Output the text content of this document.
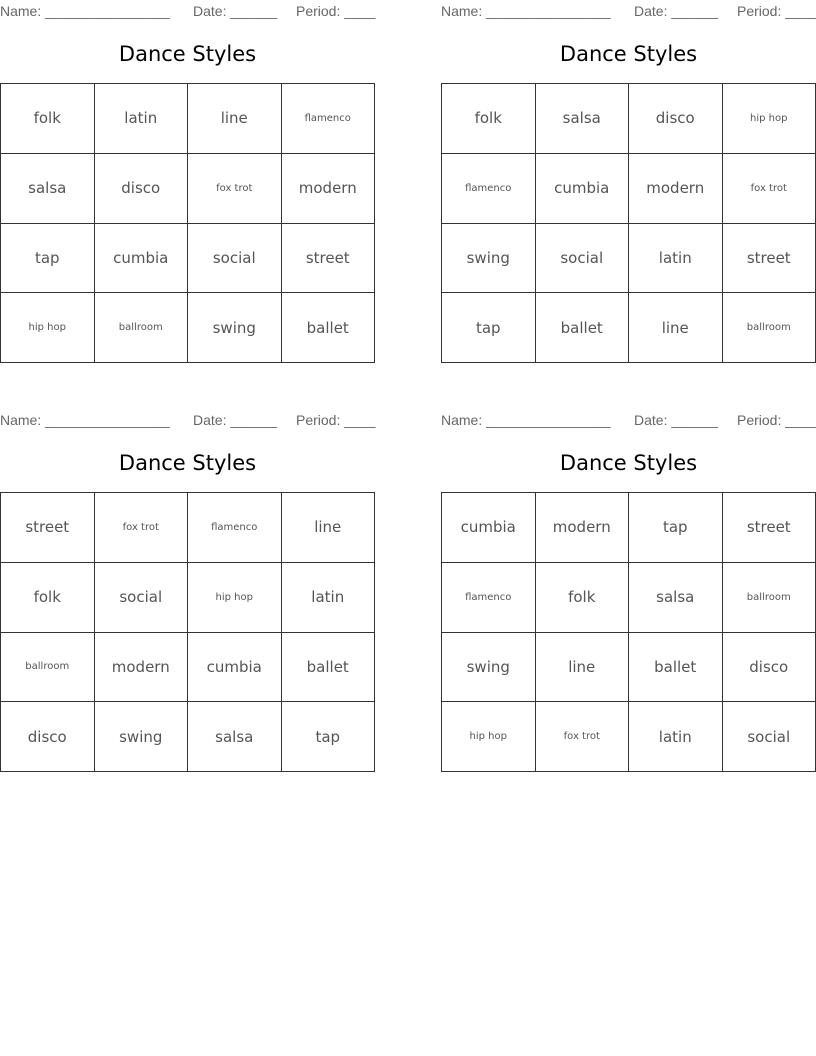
Name: ________________ Date: ______ Period: ____
Dance Styles
folk	latin	line	flamenco
salsa	disco	fox trot	modern
tap	cumbia	social	street
hip hop	ballroom	swing	ballet
Name: ________________ Date: ______ Period: ____
Dance Styles
folk	salsa	disco	hip hop
flamenco	cumbia	modern	fox trot
swing	social	latin	street
tap	ballet	line	ballroom
Name: ________________ Date: ______ Period: ____
Dance Styles
street	fox trot	flamenco	line
folk	social	hip hop	latin
ballroom	modern	cumbia	ballet
disco	swing	salsa	tap
Name: ________________ Date: ______ Period: ____
Dance Styles
cumbia	modern	tap	street
flamenco	folk	salsa	ballroom
swing	line	ballet	disco
hip hop	fox trot	latin	social
